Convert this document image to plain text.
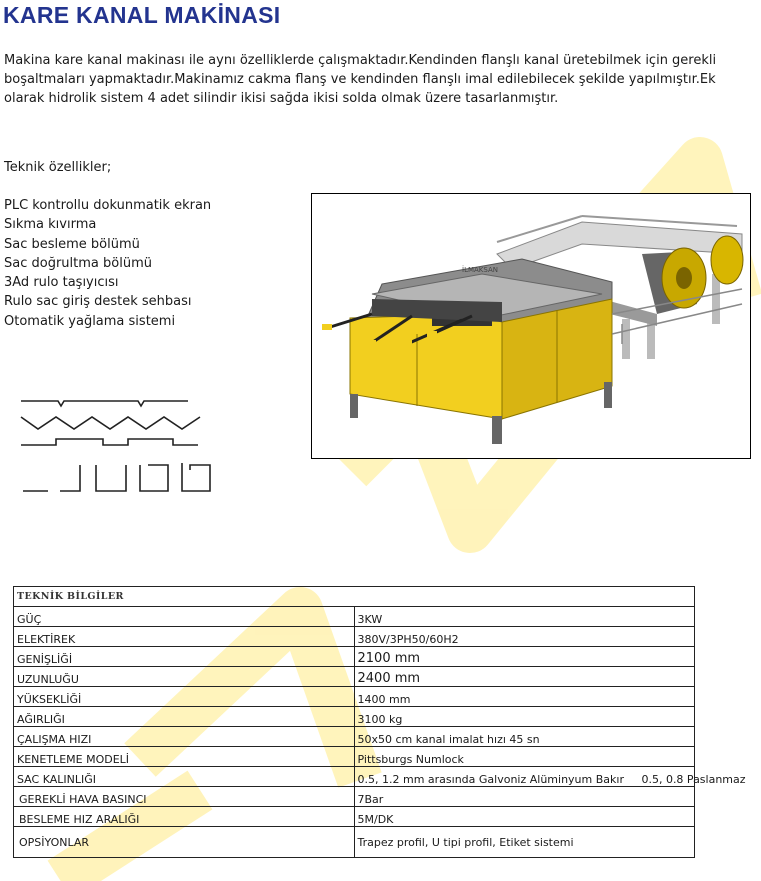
KARE KANAL MAKİNASI
Makina kare kanal makinası ile aynı özelliklerde çalışmaktadır.Kendinden flanşlı kanal üretebilmek için gerekli boşaltmaları yapmaktadır.Makinamız cakma flanş ve kendinden flanşlı imal edilebilecek şekilde yapılmıştır.Ek olarak hidrolik sistem 4 adet silindir ikisi sağda ikisi solda olmak üzere tasarlanmıştır.
Teknik özellikler;
PLC kontrollu dokunmatik ekran
Sıkma kıvırma
Sac besleme bölümü
Sac doğrultma bölümü
3Ad rulo taşıyıcısı
Rulo sac giriş destek sehbası
Otomatik yağlama sistemi
İLMAKSAN
TEKNİK BİLGİLER	
GÜÇ	3KW
ELEKTİREK	380V/3PH50/60H2
GENİŞLİĞİ	2100 mm
UZUNLUĞU	2400 mm
YÜKSEKLİĞİ	1400 mm
AĞIRLIĞI	3100 kg
ÇALIŞMA HIZI	50x50 cm kanal imalat hızı 45 sn
KENETLEME MODELİ	Pittsburgs Numlock
SAC KALINLIĞI	0.5, 1.2 mm arasında Galvoniz Alüminyum Bakır     0.5, 0.8 Paslanmaz
GEREKLİ HAVA BASINCI	7Bar
BESLEME HIZ ARALIĞI	5M/DK
OPSİYONLAR	Trapez profil, U tipi profil, Etiket sistemi
